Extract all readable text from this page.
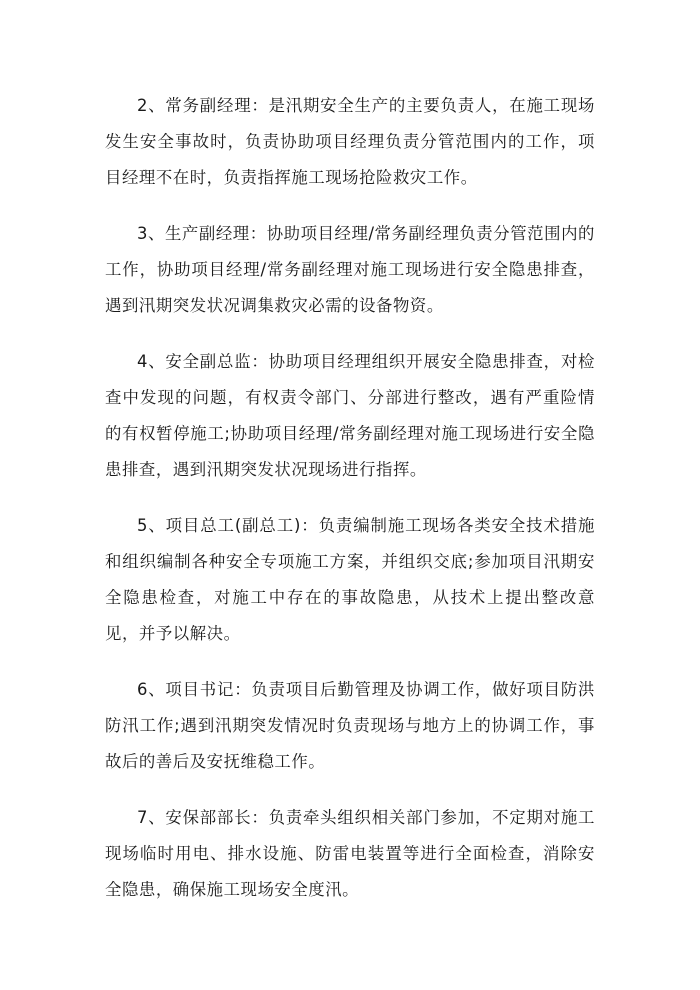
2、常务副经理：是汛期安全生产的主要负责人，在施工现场发生安全事故时，负责协助项目经理负责分管范围内的工作，项目经理不在时，负责指挥施工现场抢险救灾工作。

3、生产副经理：协助项目经理/常务副经理负责分管范围内的工作，协助项目经理/常务副经理对施工现场进行安全隐患排查，遇到汛期突发状况调集救灾必需的设备物资。

4、安全副总监：协助项目经理组织开展安全隐患排查，对检查中发现的问题，有权责令部门、分部进行整改，遇有严重险情的有权暂停施工;协助项目经理/常务副经理对施工现场进行安全隐患排查，遇到汛期突发状况现场进行指挥。

5、项目总工(副总工)：负责编制施工现场各类安全技术措施和组织编制各种安全专项施工方案，并组织交底;参加项目汛期安全隐患检查，对施工中存在的事故隐患，从技术上提出整改意见，并予以解决。

6、项目书记：负责项目后勤管理及协调工作，做好项目防洪防汛工作;遇到汛期突发情况时负责现场与地方上的协调工作，事故后的善后及安抚维稳工作。

7、安保部部长：负责牵头组织相关部门参加，不定期对施工现场临时用电、排水设施、防雷电装置等进行全面检查，消除安全隐患，确保施工现场安全度汛。
